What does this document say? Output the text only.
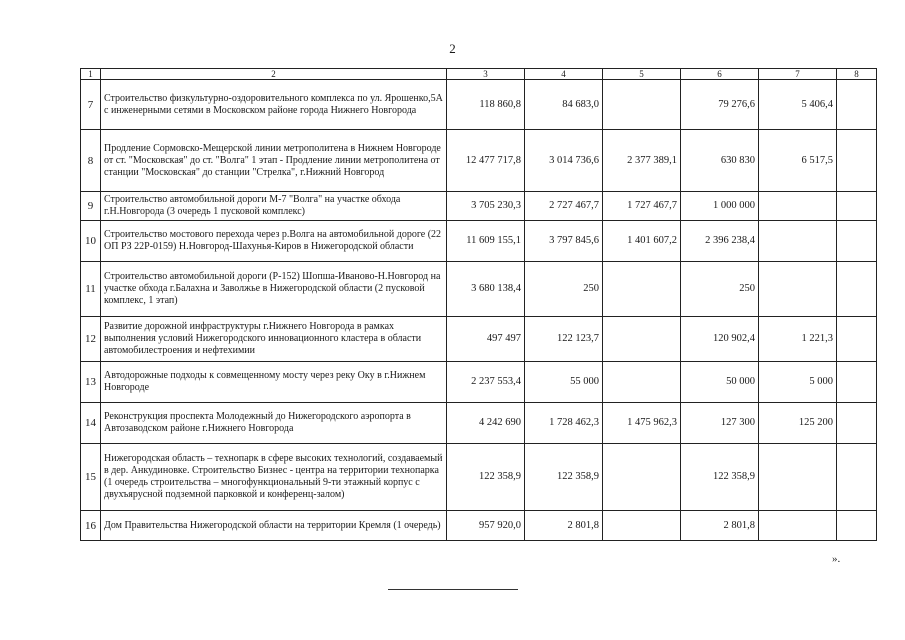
2
1	2	3	4	5	6	7	8
7	Строительство физкультурно-оздоровительного комплекса по ул. Ярошенко,5А с инженерными сетями в Московском районе города Нижнего Новгорода	118 860,8	84 683,0		79 276,6	5 406,4	
8	Продление Сормовско-Мещерской линии метрополитена в Нижнем Новгороде от ст. "Московская" до ст. "Волга" 1 этап - Продление линии метрополитена от станции "Московская" до станции "Стрелка", г.Нижний Новгород	12 477 717,8	3 014 736,6	2 377 389,1	630 830	6 517,5	
9	Строительство автомобильной дороги М-7 "Волга" на участке обхода г.Н.Новгорода (3 очередь 1 пусковой комплекс)	3 705 230,3	2 727 467,7	1 727 467,7	1 000 000		
10	Строительство мостового перехода через р.Волга на автомобильной дороге (22 ОП РЗ 22Р-0159) Н.Новгород-Шахунья-Киров в Нижегородской области	11 609 155,1	3 797 845,6	1 401 607,2	2 396 238,4		
11	Строительство автомобильной дороги (Р-152) Шопша-Иваново-Н.Новгород на участке обхода г.Балахна и Заволжье в Нижегородской области (2 пусковой комплекс, 1 этап)	3 680 138,4	250		250		
12	Развитие дорожной инфраструктуры г.Нижнего Новгорода в рамках выполнения условий Нижегородского инновационного кластера в области автомобилестроения и нефтехимии	497 497	122 123,7		120 902,4	1 221,3	
13	Автодорожные подходы к совмещенному мосту через реку Оку в г.Нижнем Новгороде	2 237 553,4	55 000		50 000	5 000	
14	Реконструкция проспекта Молодежный до Нижегородского аэропорта в Автозаводском районе г.Нижнего Новгорода	4 242 690	1 728 462,3	1 475 962,3	127 300	125 200	
15	Нижегородская область – технопарк в сфере высоких технологий, создаваемый в дер. Анкудиновке. Строительство Бизнес - центра на территории технопарка (1 очередь строительства – многофункциональный 9-ти этажный корпус с двухъярусной подземной парковкой и конференц-залом)	122 358,9	122 358,9		122 358,9		
16	Дом Правительства Нижегородской области на территории Кремля (1 очередь)	957 920,0	2 801,8		2 801,8		
».
